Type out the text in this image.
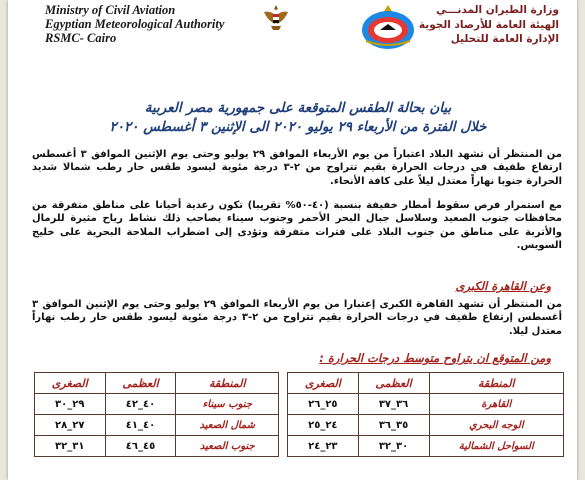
Ministry of Civil Aviation
Egyptian Meteorological Authority
RSMC- Cairo
وزارة الطيران المدنـــي
الهيئة العامة للأرصاد الجوية
الإدارة العامة للتحليل
بيان بحالة الطقس المتوقعة على جمهورية مصر العربية
خلال الفترة من الأربعاء ٢٩ يوليو ٢٠٢٠ الى الإثنين ٣ أغسطس ٢٠٢٠

من المنتظر أن تشهد البلاد اعتباراً من يوم الأربعاء الموافق ٢٩ يوليو وحتى يوم الإثنين الموافق ٣ أغسطس ارتفاع طفيف في درجات الحرارة بقيم تتراوح من ٢-٣ درجة مئوية ليسود طقس حار رطب شمالا شديد الحرارة جنوبا نهاراً معتدل ليلاً على كافة الأنحاء.

مع استمرار فرص سقوط أمطار خفيفة بنسبة (٤٠-٥٠% تقريبا) تكون رعدية أحيانا على مناطق متفرقة من محافظات جنوب الصعيد وسلاسل جبال البحر الأحمر وجنوب سيناء يصاحب ذلك نشاط رياح مثيرة للرمال والأتربة على مناطق من جنوب البلاد على فترات متفرقة وتؤدى إلى اضطراب الملاحة البحرية على خليج السويس.

وعن القاهرة الكبرى

من المنتظر أن تشهد القاهرة الكبرى إعتبارا من يوم الأربعاء الموافق ٢٩ يوليو وحتى يوم الإثنين الموافق ٣ أغسطس إرتفاع طفيف في درجات الحرارة بقيم تتراوح من ٢-٣ درجة مئوية ليسود طقس حار رطب نهاراً معتدل ليلا.

ومن المتوقع ان يتراوح متوسط درجات الحرارة :
المنطقة	العظمى	الصغرى		المنطقة	العظمى	الصغرى
القاهرة	٣٦_٣٧	٢٥_٢٦		جنوب سيناء	٤٠_٤٢	٢٩_٣٠
الوجه البحري	٣٥_٣٦	٢٤_٢٥		شمال الصعيد	٤٠_٤١	٢٧_٢٨
السواحل الشمالية	٣٠_٣٢	٢٣_٢٤		جنوب الصعيد	٤٥_٤٦	٣١_٣٢
